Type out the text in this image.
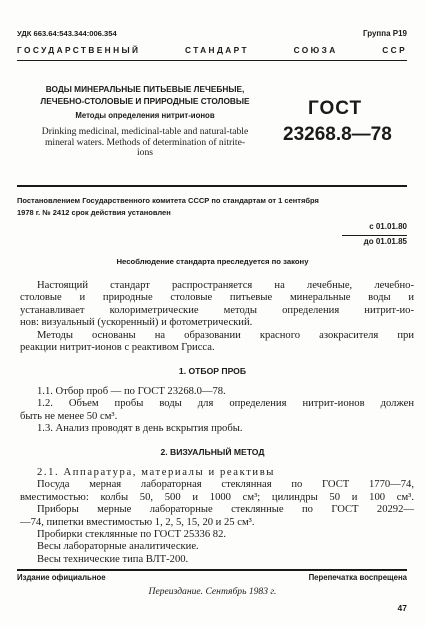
УДК 663.64:543.344:006.354	Группа Р19
ГОСУДАРСТВЕННЫЙ	СТАНДАРТ	СОЮЗА	ССР
ВОДЫ МИНЕРАЛЬНЫЕ ПИТЬЕВЫЕ ЛЕЧЕБНЫЕ,
ЛЕЧЕБНО-СТОЛОВЫЕ И ПРИРОДНЫЕ СТОЛОВЫЕ
Методы определения нитрит-ионов
Drinking medicinal, medicinal-table and natural-table
mineral waters. Methods of determination of nitrite-
ions
ГОСТ
23268.8—78
Постановлением Государственного комитета СССР по стандартам от 1 сентября
1978 г. № 2412 срок действия установлен
с 01.01.80
до 01.01.85
Несоблюдение стандарта преследуется по закону

Настоящий стандарт распространяется на лечебные, лечебно-

столовые и природные столовые питьевые минеральные воды и

устанавливает колориметрические методы определения нитрит-ио-

нов: визуальный (ускоренный) и фотометрический.

Методы основаны на образовании красного азокрасителя при

реакции нитрит-ионов с реактивом Грисса.

1. ОТБОР ПРОБ

1.1. Отбор проб — по ГОСТ 23268.0—78.

1.2. Объем пробы воды для определения нитрит-ионов должен

быть не менее 50 см³.

1.3. Анализ проводят в день вскрытия пробы.

2. ВИЗУАЛЬНЫЙ МЕТОД

2.1. Аппаратура, материалы и реактивы

Посуда мерная лабораторная стеклянная по ГОСТ 1770—74,

вместимостью: колбы 50, 500 и 1000 см³; цилиндры 50 и 100 см³.

Приборы мерные лабораторные стеклянные по ГОСТ 20292—

—74, пипетки вместимостью 1, 2, 5, 15, 20 и 25 см³.

Пробирки стеклянные по ГОСТ 25336 82.

Весы лабораторные аналитические.

Весы технические типа ВЛТ-200.

Издание официальное	Перепечатка воспрещена
Переиздание. Сентябрь 1983 г.
47
